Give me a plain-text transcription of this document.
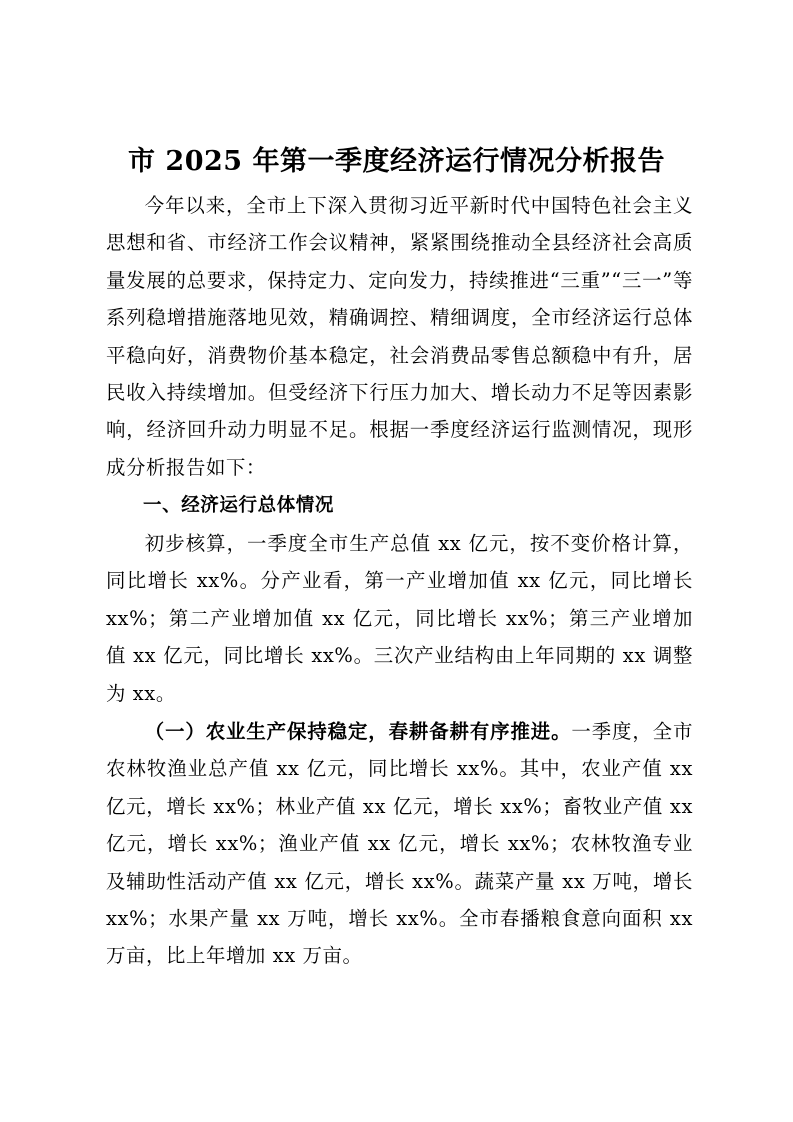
市 2025 年第一季度经济运行情况分析报告

今年以来，全市上下深入贯彻习近平新时代中国特色社会主义思想和省、市经济工作会议精神，紧紧围绕推动全县经济社会高质量发展的总要求，保持定力、定向发力，持续推进“三重”“三一”等系列稳增措施落地见效，精确调控、精细调度，全市经济运行总体平稳向好，消费物价基本稳定，社会消费品零售总额稳中有升，居民收入持续增加。但受经济下行压力加大、增长动力不足等因素影响，经济回升动力明显不足。根据一季度经济运行监测情况，现形成分析报告如下：

一、经济运行总体情况

初步核算，一季度全市生产总值 xx 亿元，按不变价格计算，同比增长 xx%。分产业看，第一产业增加值 xx 亿元，同比增长 xx%；第二产业增加值 xx 亿元，同比增长 xx%；第三产业增加值 xx 亿元，同比增长 xx%。三次产业结构由上年同期的 xx 调整为 xx。

（一）农业生产保持稳定，春耕备耕有序推进。一季度，全市农林牧渔业总产值 xx 亿元，同比增长 xx%。其中，农业产值 xx 亿元，增长 xx%；林业产值 xx 亿元，增长 xx%；畜牧业产值 xx 亿元，增长 xx%；渔业产值 xx 亿元，增长 xx%；农林牧渔专业及辅助性活动产值 xx 亿元，增长 xx%。蔬菜产量 xx 万吨，增长 xx%；水果产量 xx 万吨，增长 xx%。全市春播粮食意向面积 xx 万亩，比上年增加 xx 万亩。
